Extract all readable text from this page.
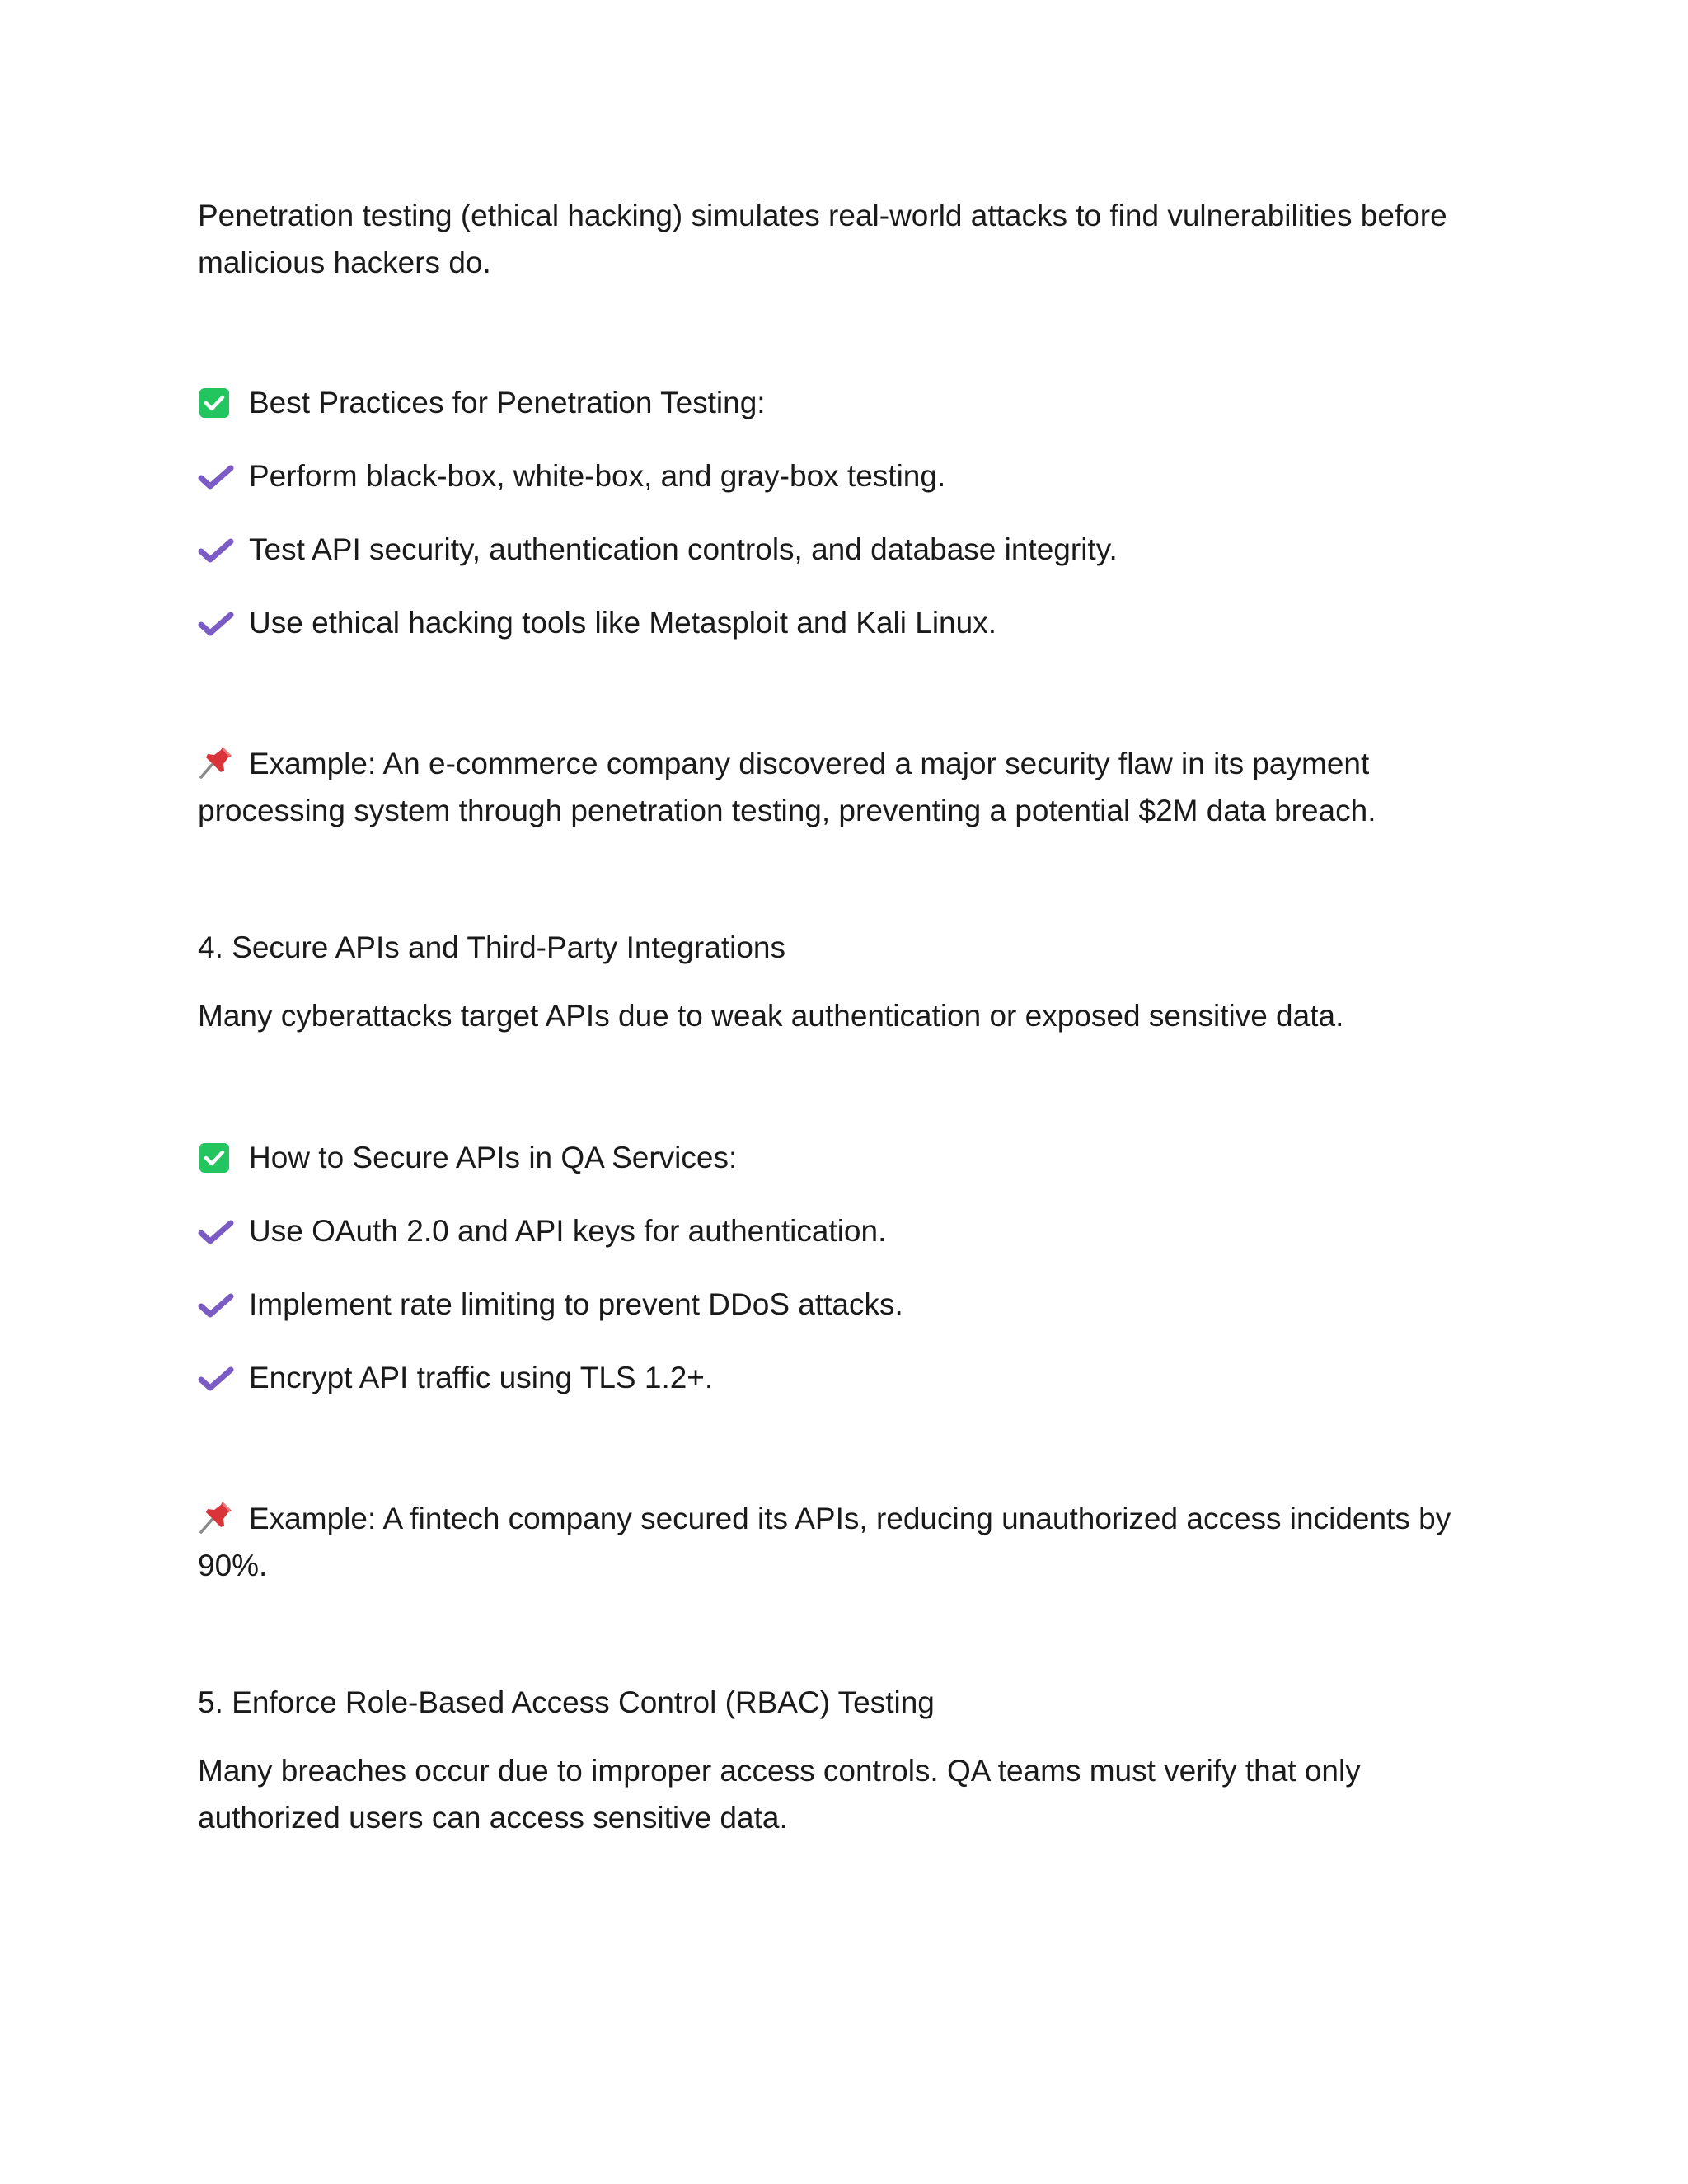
Penetration testing (ethical hacking) simulates real-world attacks to find vulnerabilities before malicious hackers do.

Best Practices for Penetration Testing:
Perform black-box, white-box, and gray-box testing.
Test API security, authentication controls, and database integrity.
Use ethical hacking tools like Metasploit and Kali Linux.

Example: An e-commerce company discovered a major security flaw in its payment processing system through penetration testing, preventing a potential $2M data breach.

4. Secure APIs and Third-Party Integrations

Many cyberattacks target APIs due to weak authentication or exposed sensitive data.

How to Secure APIs in QA Services:
Use OAuth 2.0 and API keys for authentication.
Implement rate limiting to prevent DDoS attacks.
Encrypt API traffic using TLS 1.2+.

Example: A fintech company secured its APIs, reducing unauthorized access incidents by 90%.

5. Enforce Role-Based Access Control (RBAC) Testing

Many breaches occur due to improper access controls. QA teams must verify that only authorized users can access sensitive data.
